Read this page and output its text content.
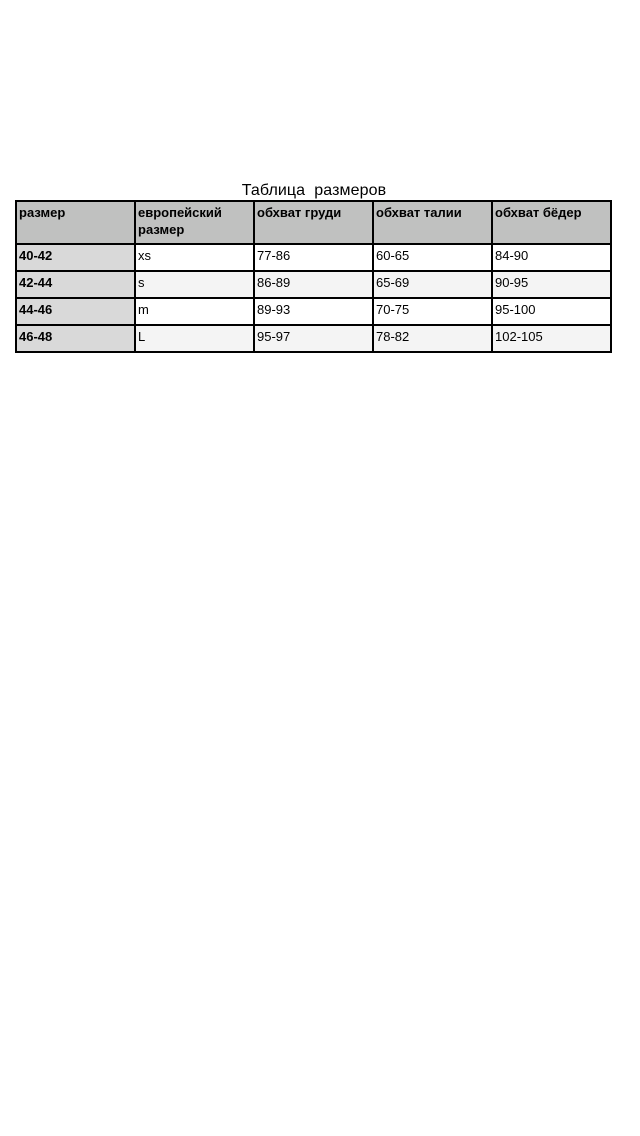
Таблица  размеров
размер	европейский размер	обхват груди	обхват талии	обхват бёдер
40-42	xs	77-86	60-65	84-90
42-44	s	86-89	65-69	90-95
44-46	m	89-93	70-75	95-100
46-48	L	95-97	78-82	102-105
